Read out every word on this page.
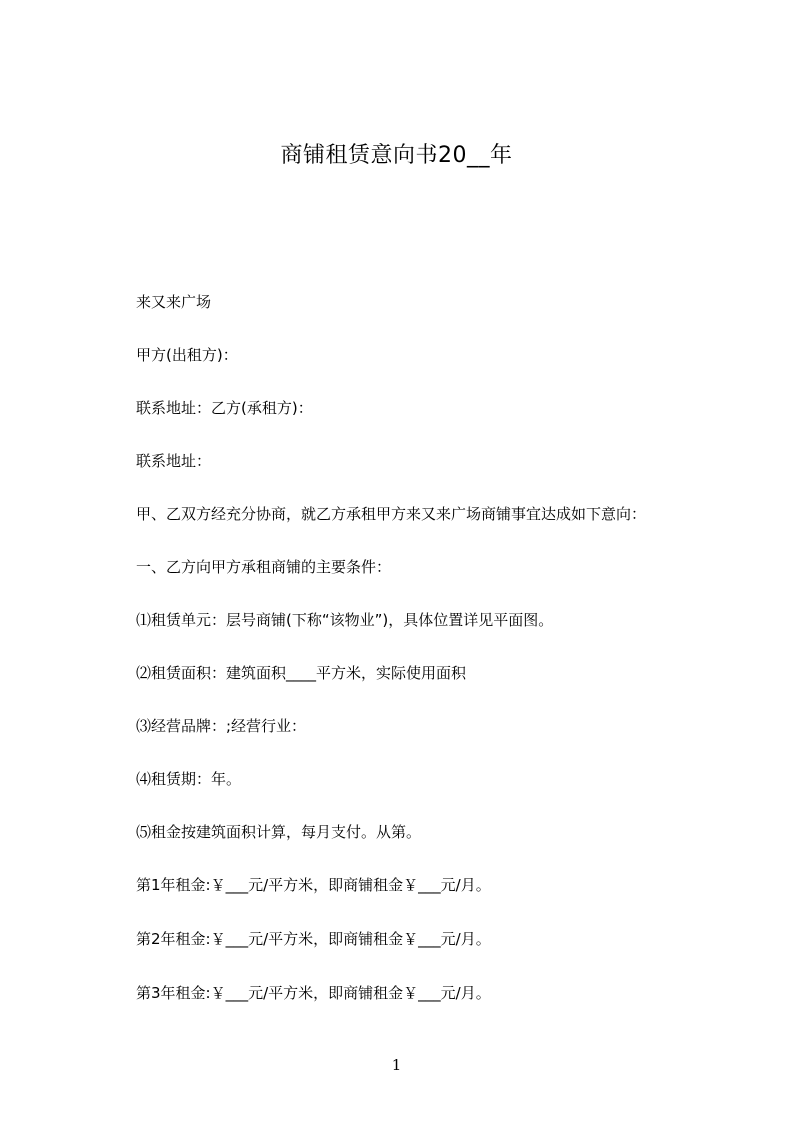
商铺租赁意向书20__年
来又来广场
甲方(出租方)：
联系地址：乙方(承租方)：
联系地址：
甲、乙双方经充分协商，就乙方承租甲方来又来广场商铺事宜达成如下意向：
一、乙方向甲方承租商铺的主要条件：
⑴租赁单元：层号商铺(下称“该物业”)，具体位置详见平面图。
⑵租赁面积：建筑面积____平方米，实际使用面积
⑶经营品牌：;经营行业：
⑷租赁期：年。
⑸租金按建筑面积计算，每月支付。从第。
第1年租金:￥___元/平方米，即商铺租金￥___元/月。
第2年租金:￥___元/平方米，即商铺租金￥___元/月。
第3年租金:￥___元/平方米，即商铺租金￥___元/月。
1
